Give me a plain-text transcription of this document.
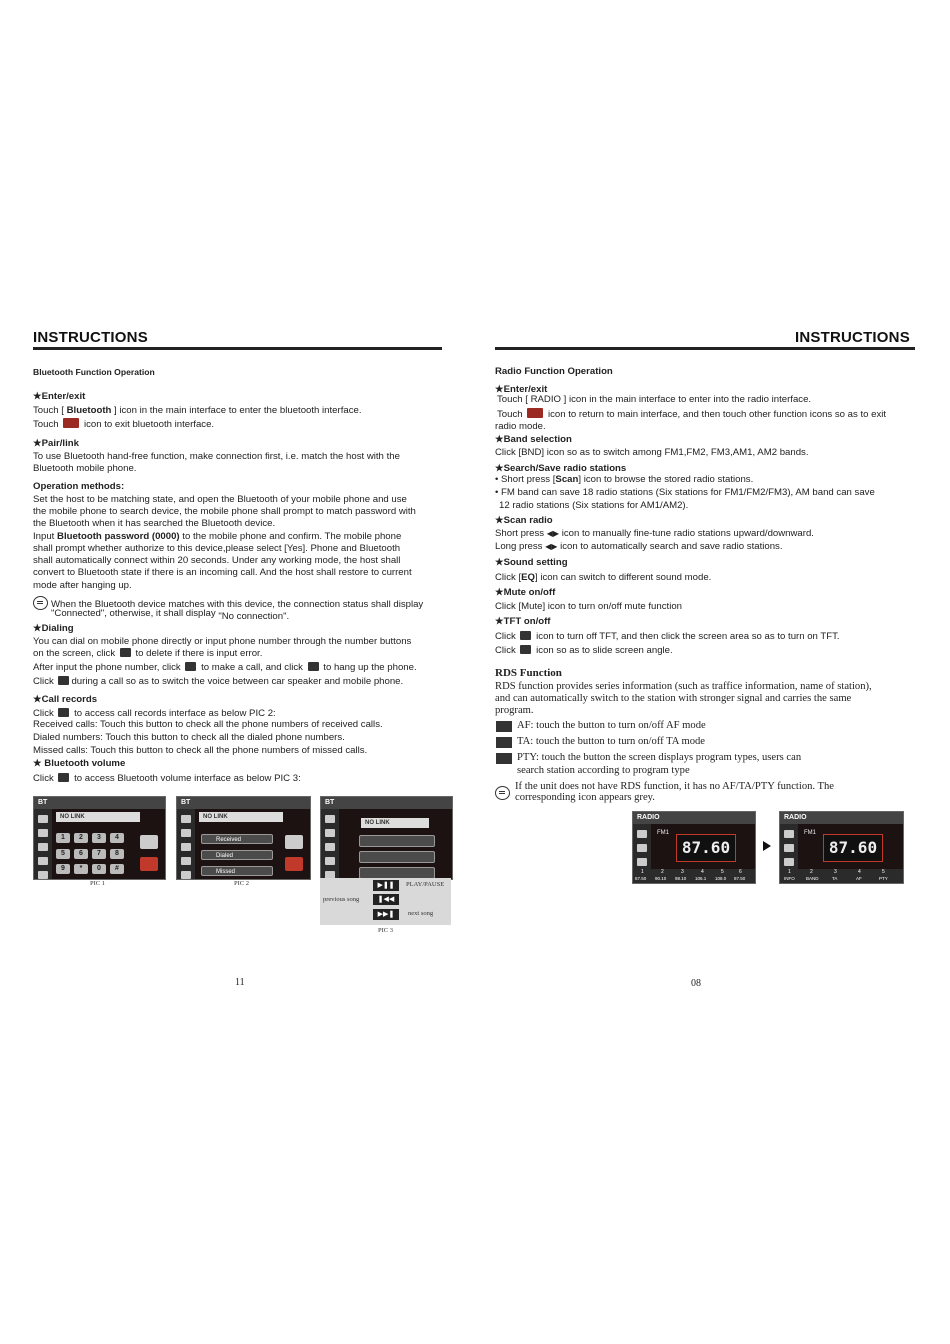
INSTRUCTIONS
Bluetooth Function Operation
★ Enter/exit
Touch [ Bluetooth ] icon in the main interface to enter the bluetooth interface.
Touch  icon to exit bluetooth interface.
★ Pair/link
To use Bluetooth hand-free function, make connection first, i.e. match the host with the
Bluetooth mobile phone.
Operation methods:
Set the host to be matching state, and open the Bluetooth of your mobile phone and use
the mobile phone to search device, the mobile phone shall prompt to match password with
the Bluetooth when it has searched the Bluetooth device.
Input Bluetooth password (0000) to the mobile phone and confirm. The mobile phone
shall prompt whether authorize to this device,please select [Yes]. Phone and Bluetooth
shall automatically connect within 20 seconds. Under any working mode, the host shall
convert to Bluetooth state if there is an incoming call. And the host shall restore to current
mode after hanging up.
When the Bluetooth device matches with this device, the connection status shall display
"Connected", otherwise, it shall display "No connection".
★ Dialing
You can dial on mobile phone directly or input phone number through the number buttons
on the screen, click to delete if there is input error.
After input the phone number, click to make a call, and click to hang up the phone.
Click during a call so as to switch the voice between car speaker and mobile phone.
★ Call records
Click to access call records interface as below PIC 2:
Received calls: Touch this button to check all the phone numbers of received calls.
Dialed numbers: Touch this button to check all the dialed phone numbers.
Missed calls: Touch this button to check all the phone numbers of missed calls.
★ Bluetooth volume
Click to access Bluetooth volume interface as below PIC 3:
BT
NO LINK
1	2	3	4
5	6	7	8
9	*	0	#
PIC 1
BT
NO LINK
Received
Dialed
Missed
PIC 2
BT
NO LINK
▶❚❚
❚◀◀
▶▶❚
PLAY/PAUSE
previous song
next song
PIC 3
11
INSTRUCTIONS
Radio Function Operation
★ Enter/exit
Touch [ RADIO ] icon in the main interface to enter into the radio interface.
Touch	icon to return to main interface, and then touch other function icons so as to exit
radio mode.
★ Band selection
Click [BND] icon so as to switch among FM1,FM2, FM3,AM1, AM2 bands.
★ Search/Save radio stations
• Short press [Scan] icon to browse the stored radio stations.
• FM band can save 18 radio stations (Six stations for FM1/FM2/FM3), AM band can save
12 radio stations (Six stations for AM1/AM2).
★ Scan radio
Short press ◀▶ icon to manually fine-tune radio stations upward/downward.
Long press ◀▶ icon to automatically search and save radio stations.
★ Sound setting
Click [EQ] icon can switch to different sound mode.
★ Mute on/off
Click [Mute] icon to turn on/off mute function
★ TFT on/off
Click icon to turn off TFT, and then click the screen area so as to turn on TFT.
Click icon so as to slide screen angle.
RDS Function
RDS function provides series information (such as traffice information, name of station),
and can automatically switch to the station with stronger signal and carries the same
program.
AF: touch the button to turn on/off AF mode
TA: touch the button to turn on/off TA mode
PTY: touch the button the screen displays program types, users can
search station according to program type
If the unit does not have RDS function, it has no AF/TA/PTY function. The
corresponding icon appears grey.
RADIO
FM1
87.60
1	2	3	4	5	6
87.50 90.10 98.10 106.1 108.0 87.50
RADIO
FM1
87.60
1	2	3	4	5
INFO	BAND	TA	AF	PTY
08
